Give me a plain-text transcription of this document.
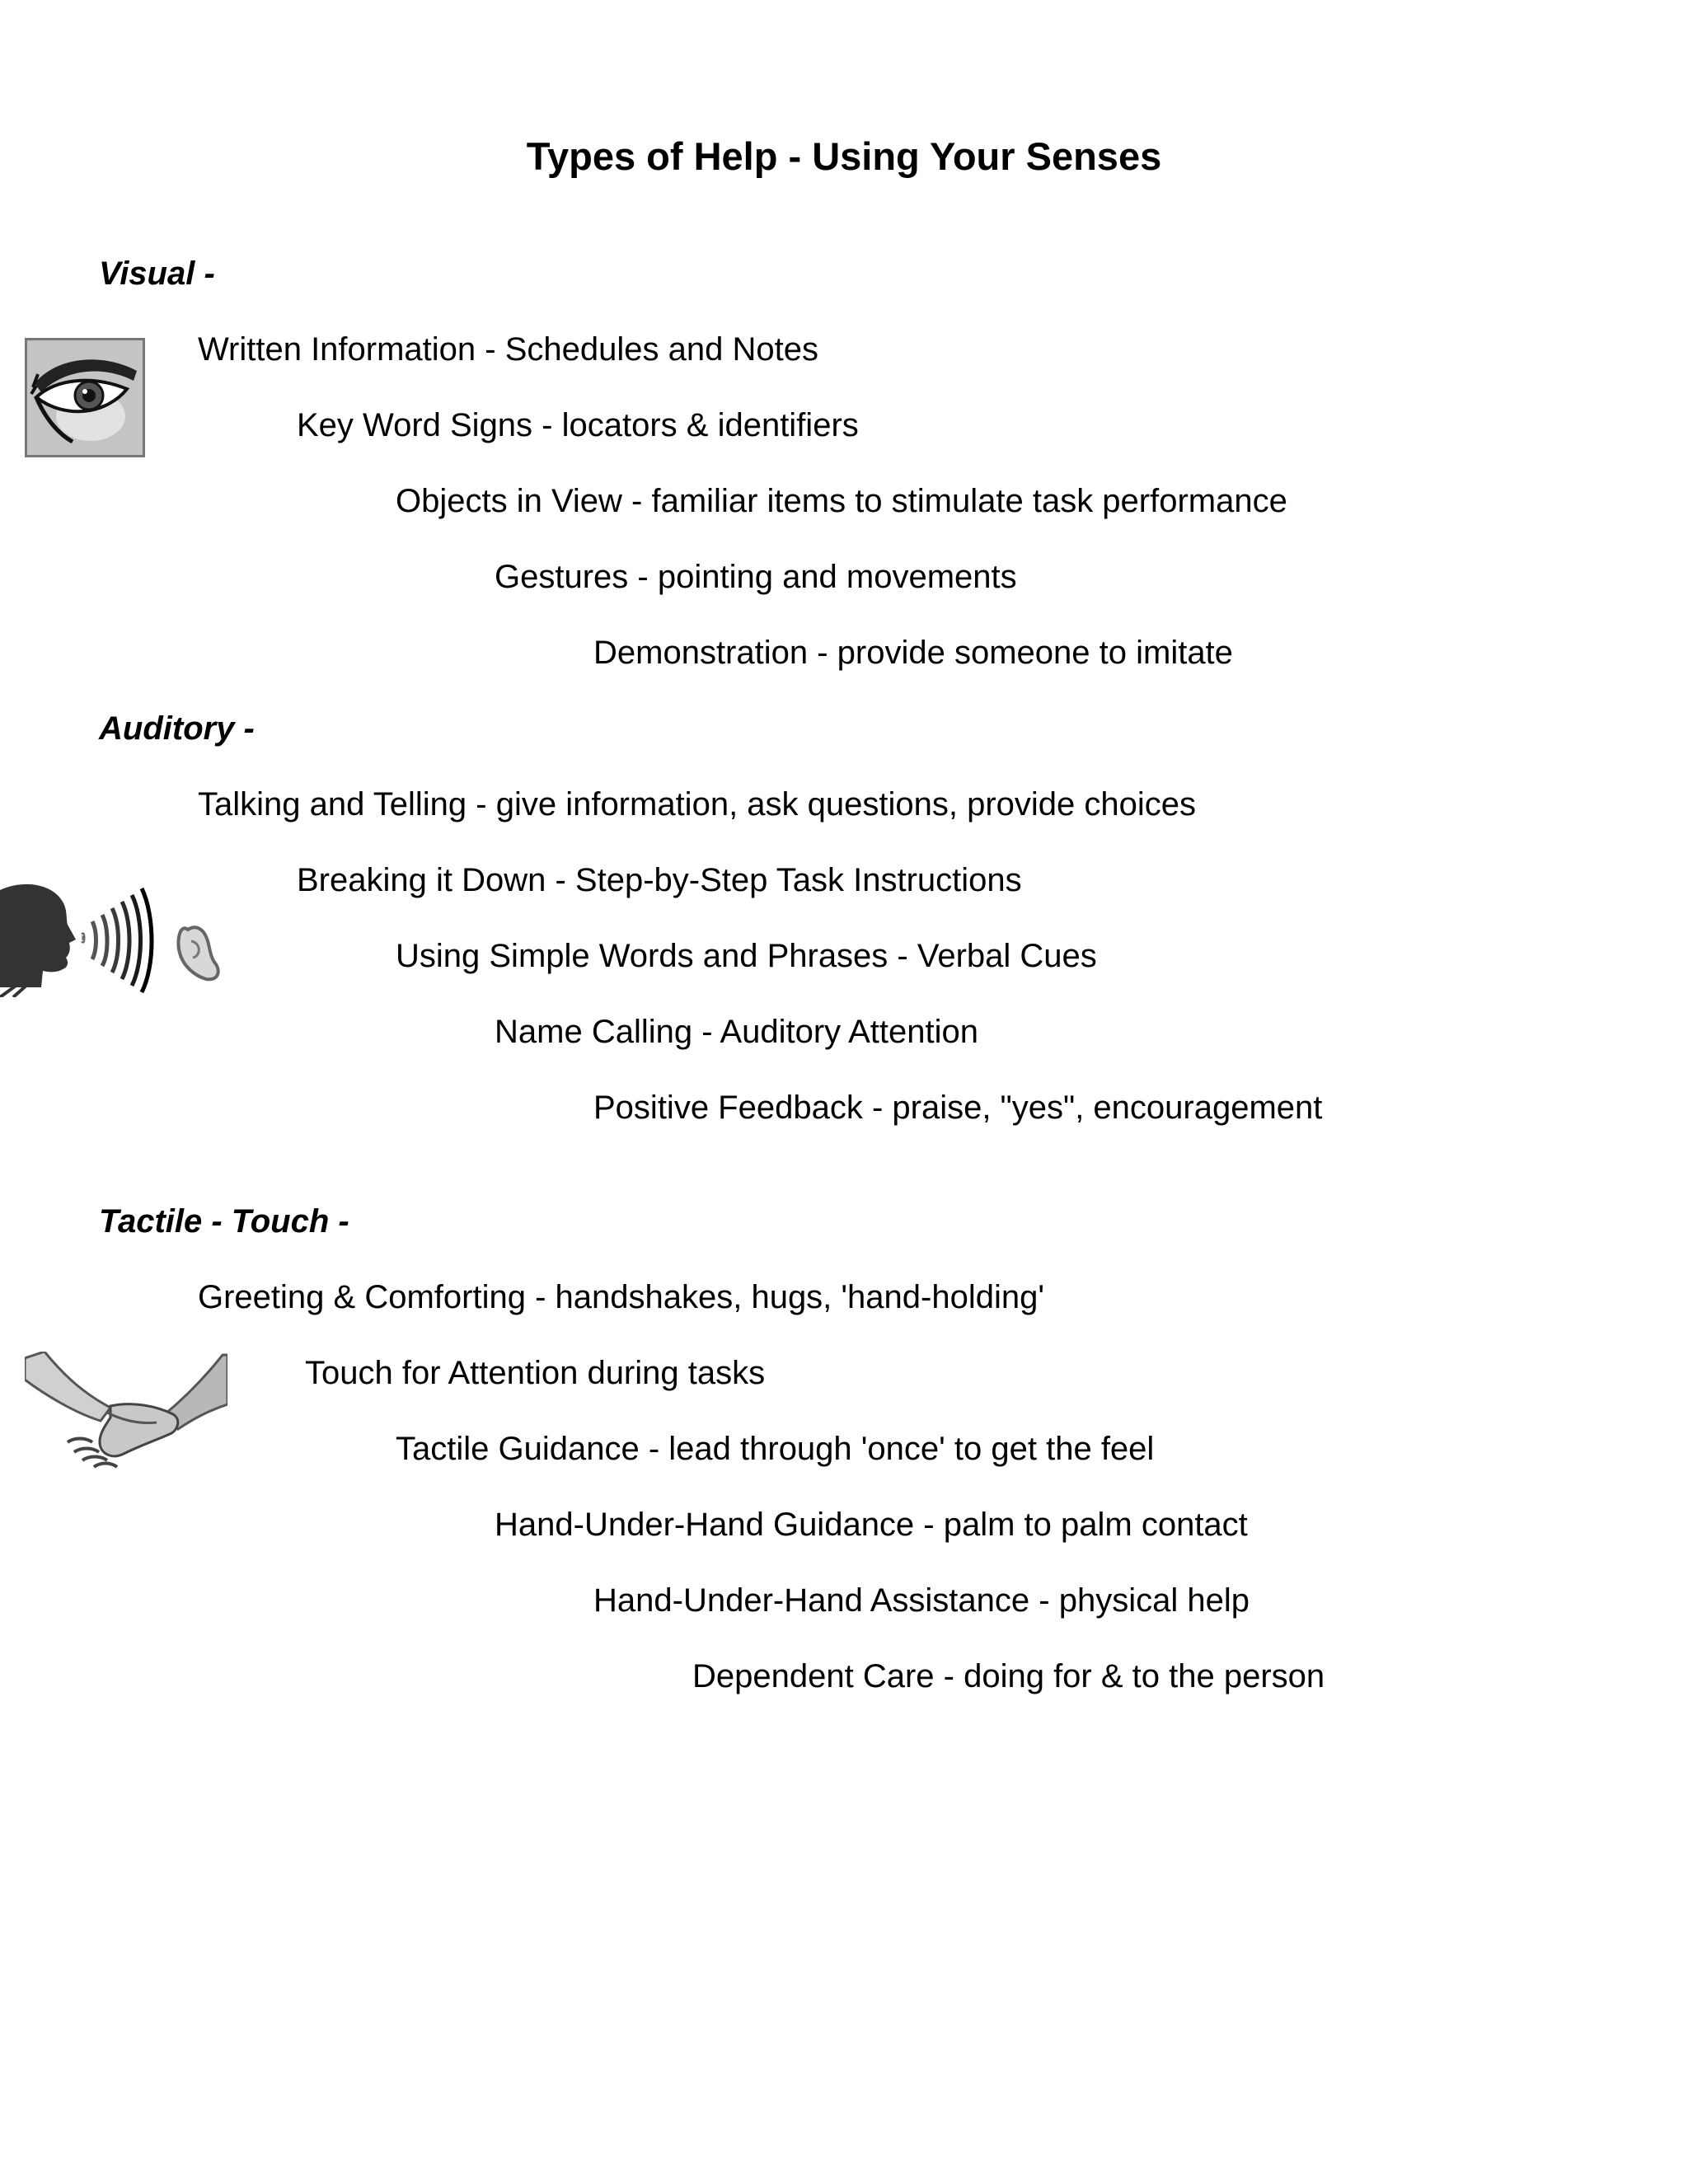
Types of Help - Using Your Senses
Visual -
Written Information - Schedules and Notes
Key Word Signs - locators & identifiers
Objects in View - familiar items to stimulate task performance
Gestures - pointing and movements
Demonstration - provide someone to imitate
Auditory -
Talking and Telling - give information, ask questions, provide choices
Breaking it Down - Step-by-Step Task Instructions
Using Simple Words and Phrases - Verbal Cues
Name Calling - Auditory Attention
Positive Feedback - praise, "yes", encouragement
Tactile - Touch -
Greeting & Comforting - handshakes, hugs, 'hand-holding'
Touch for Attention during tasks
Tactile Guidance - lead through 'once' to get the feel
Hand-Under-Hand Guidance - palm to palm contact
Hand-Under-Hand Assistance - physical help
Dependent Care - doing for & to the person
